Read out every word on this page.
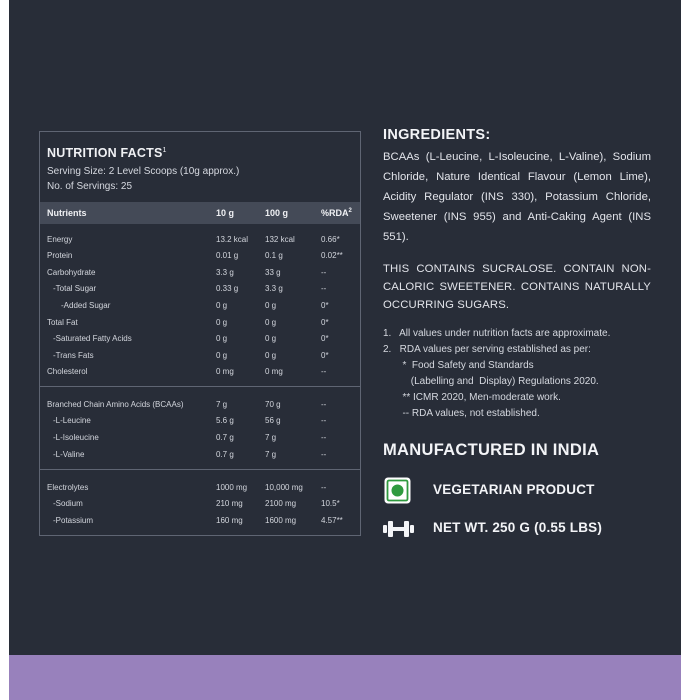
NUTRITION FACTS$^1$
Serving Size: 2 Level Scoops (10g approx.)
No. of Servings: 25
Nutrients	10 g	100 g	%RDA$^2$
Energy	13.2 kcal 132 kcal	0.66*
Protein	0.01 g	0.1 g	0.02**
Carbohydrate	3.3 g	33 g	--
-Total Sugar	0.33 g	3.3 g	--
-Added Sugar	0 g	0 g	0*
Total Fat	0 g	0 g	0*
-Saturated Fatty Acids	0 g	0 g	0*
-Trans Fats	0 g	0 g	0*
Cholesterol	0 mg	0 mg	--
Branched Chain Amino Acids (BCAAs)	7 g	70 g	--
-L-Leucine	5.6 g	56 g	--
-L-Isoleucine	0.7 g	7 g	--
-L-Valine	0.7 g	7 g	--
Electrolytes	1000 mg 10,000 mg --
-Sodium	210 mg	2100 mg	10.5*
-Potassium	160 mg	1600 mg	4.57**
INGREDIENTS:
BCAAs (L-Leucine, L-Isoleucine, L-Valine), Sodium Chloride, Nature Identical Flavour (Lemon Lime), Acidity Regulator (INS 330), Potassium Chloride, Sweetener (INS 955) and Anti-Caking Agent (INS 551).
THIS CONTAINS SUCRALOSE. CONTAIN NON-CALORIC SWEETENER. CONTAINS NATURALLY OCCURRING SUGARS.
1.   All values under nutrition facts are approximate.
2.   RDA values per serving established as per:
*  Food Safety and Standards
(Labelling and  Display) Regulations 2020.
** ICMR 2020, Men-moderate work.
-- RDA values, not established.
MANUFACTURED IN INDIA
VEGETARIAN PRODUCT
NET WT. 250 G (0.55 LBS)
